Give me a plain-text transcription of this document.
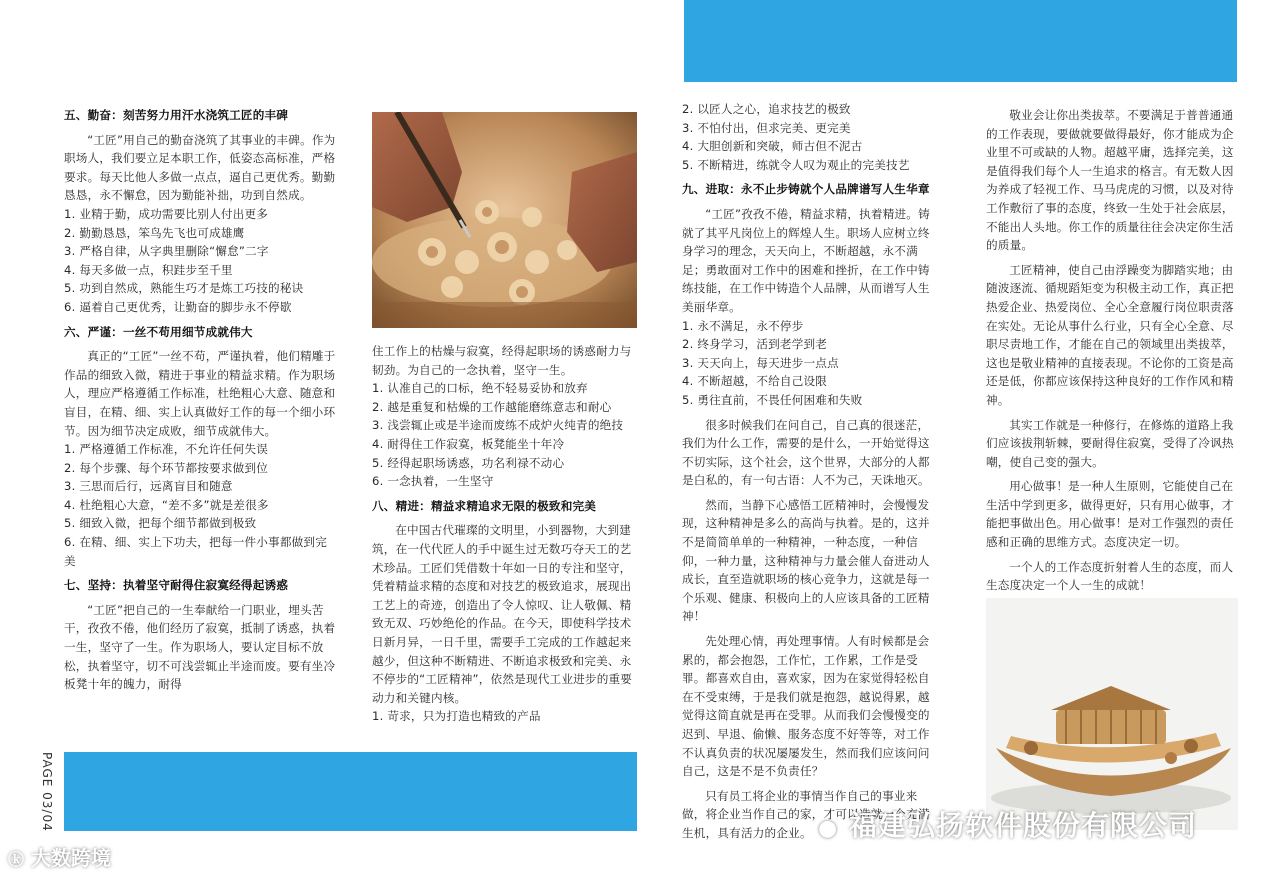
PAGE 03/04

五、勤奋：刻苦努力用汗水浇筑工匠的丰碑

“工匠”用自己的勤奋浇筑了其事业的丰碑。作为职场人，我们要立足本职工作，低姿态高标准，严格要求。每天比他人多做一点点，逼自己更优秀。勤勤恳恳，永不懈怠，因为勤能补拙，功到自然成。

1. 业精于勤，成功需要比别人付出更多

2. 勤勤恳恳，笨鸟先飞也可成雄鹰

3. 严格自律，从字典里删除“懈怠”二字

4. 每天多做一点，积跬步至千里

5. 功到自然成，熟能生巧才是炼工巧技的秘诀

6. 逼着自己更优秀，让勤奋的脚步永不停歇

六、严谨：一丝不苟用细节成就伟大

真正的“工匠”一丝不苟，严谨执着，他们精雕于作品的细致入微，精进于事业的精益求精。作为职场人，理应严格遵循工作标准，杜绝粗心大意、随意和盲目，在精、细、实上认真做好工作的每一个细小环节。因为细节决定成败，细节成就伟大。

1. 严格遵循工作标准，不允许任何失误

2. 每个步骤、每个环节都按要求做到位

3. 三思而后行，远离盲目和随意

4. 杜绝粗心大意，“差不多”就是差很多

5. 细致入微，把每个细节都做到极致

6. 在精、细、实上下功夫，把每一件小事都做到完美

七、坚持：执着坚守耐得住寂寞经得起诱惑

“工匠”把自己的一生奉献给一门职业，埋头苦干，孜孜不倦，他们经历了寂寞，抵制了诱惑，执着一生，坚守了一生。作为职场人，要认定目标不放松，执着坚守，切不可浅尝辄止半途而废。要有坐冷板凳十年的魄力，耐得

住工作上的枯燥与寂寞，经得起职场的诱惑耐力与韧劲。为自己的一念执着，坚守一生。

1. 认准自己的口标，绝不轻易妥协和放弃

2. 越是重复和枯燥的工作越能磨练意志和耐心

3. 浅尝辄止或是半途而废练不成炉火纯青的绝技

4. 耐得住工作寂寞，板凳能坐十年冷

5. 经得起职场诱惑，功名利禄不动心

6. 一念执着，一生坚守

八、精进：精益求精追求无限的极致和完美

在中国古代璀璨的文明里，小到器物，大到建筑，在一代代匠人的手中诞生过无数巧夺天工的艺术珍品。工匠们凭借数十年如一日的专注和坚守，凭着精益求精的态度和对技艺的极致追求，展现出工艺上的奇迹，创造出了令人惊叹、让人敬佩、精致无双、巧妙绝伦的作品。在今天，即使科学技术日新月异，一日千里，需要手工完成的工作越起来越少，但这种不断精进、不断追求极致和完美、永不停步的“工匠精神”，依然是现代工业进步的重要动力和关键内核。

1. 苛求，只为打造也精致的产品

2. 以匠人之心，追求技艺的极致

3. 不怕付出，但求完美、更完美

4. 大胆创新和突破，师古但不泥古

5. 不断精进，练就令人叹为观止的完美技艺

九、进取：永不止步铸就个人品牌谱写人生华章

“工匠”孜孜不倦，精益求精，执着精进。铸就了其平凡岗位上的辉煌人生。职场人应树立终身学习的理念，天天向上，不断超越，永不满足；勇敢面对工作中的困难和挫折，在工作中铸练技能，在工作中铸造个人品牌，从而谱写人生美丽华章。

1. 永不满足，永不停步

2. 终身学习，活到老学到老

3. 天天向上，每天进步一点点

4. 不断超越，不给自己设限

5. 勇往直前，不畏任何困难和失败

很多时候我们在问自己，自己真的很迷茫，我们为什么工作，需要的是什么，一开始觉得这不切实际，这个社会，这个世界，大部分的人都是白私的，有一句古语：人不为己，天诛地灭。

然而，当静下心感悟工匠精神时，会慢慢发现，这种精神是多么的高尚与执着。是的，这并不是简简单单的一种精神，一种态度，一种信仰，一种力量，这种精神与力量会催人奋进动人成长，直至造就职场的核心竞争力，这就是每一个乐观、健康、积极向上的人应该具备的工匠精神！

先处理心情，再处理事情。人有时候都是会累的，都会抱怨，工作忙，工作累，工作是受罪。都喜欢自由，喜欢家，因为在家觉得轻松自在不受束缚，于是我们就是抱怨，越说得累，越觉得这简直就是再在受罪。从而我们会慢慢变的迟到、早退、偷懒、服务态度不好等等，对工作不认真负责的状况屡屡发生，然而我们应该问问自己，这是不是不负责任？

只有员工将企业的事情当作自己的事业来做，将企业当作自己的家，才可以造就一个充满生机，具有活力的企业。

敬业会让你出类拔萃。不要满足于普普通通的工作表现，要做就要做得最好，你才能成为企业里不可或缺的人物。超越平庸，选择完美，这是值得我们每个人一生追求的格言。有无数人因为养成了轻视工作、马马虎虎的习惯，以及对待工作敷衍了事的态度，终致一生处于社会底层，不能出人头地。你工作的质量往往会决定你生活的质量。

工匠精神，使自己由浮躁变为脚踏实地；由随波逐流、循规蹈矩变为积极主动工作，真正把热爱企业、热爱岗位、全心全意履行岗位职责落在实处。无论从事什么行业，只有全心全意、尽职尽责地工作，才能在自己的领域里出类拔萃，这也是敬业精神的直接表现。不论你的工资是高还是低，你都应该保持这种良好的工作作风和精神。

其实工作就是一种修行，在修炼的道路上我们应该拔荆斩棘，要耐得住寂寞，受得了冷讽热嘲，使自己变的强大。

用心做事！是一种人生原则，它能使自己在生活中学到更多，做得更好，只有用心做事，才能把事做出色。用心做事！是对工作强烈的责任感和正确的思维方式。态度决定一切。

一个人的工作态度折射着人生的态度，而人生态度决定一个人一生的成就！

ⓚ 大数跨境
● 福建弘扬软件股份有限公司
